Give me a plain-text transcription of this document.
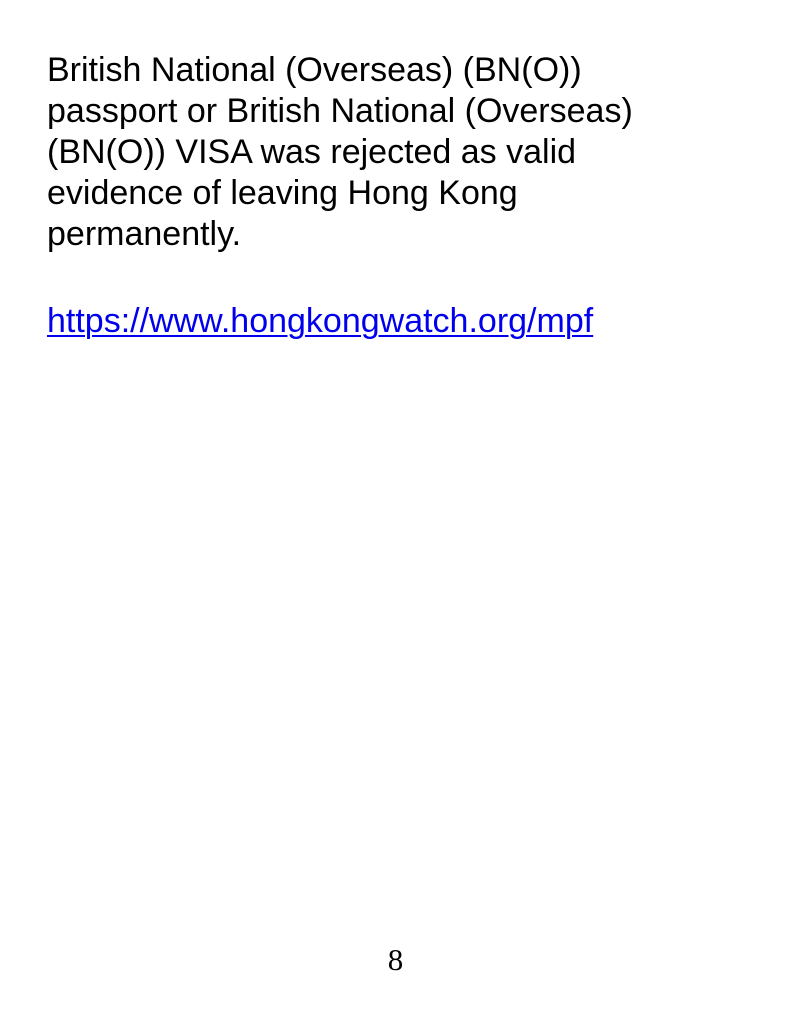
British National (Overseas) (BN(O))
passport or British National (Overseas)
(BN(O)) VISA was rejected as valid
evidence of leaving Hong Kong
permanently.

https://www.hongkongwatch.org/mpf
8
